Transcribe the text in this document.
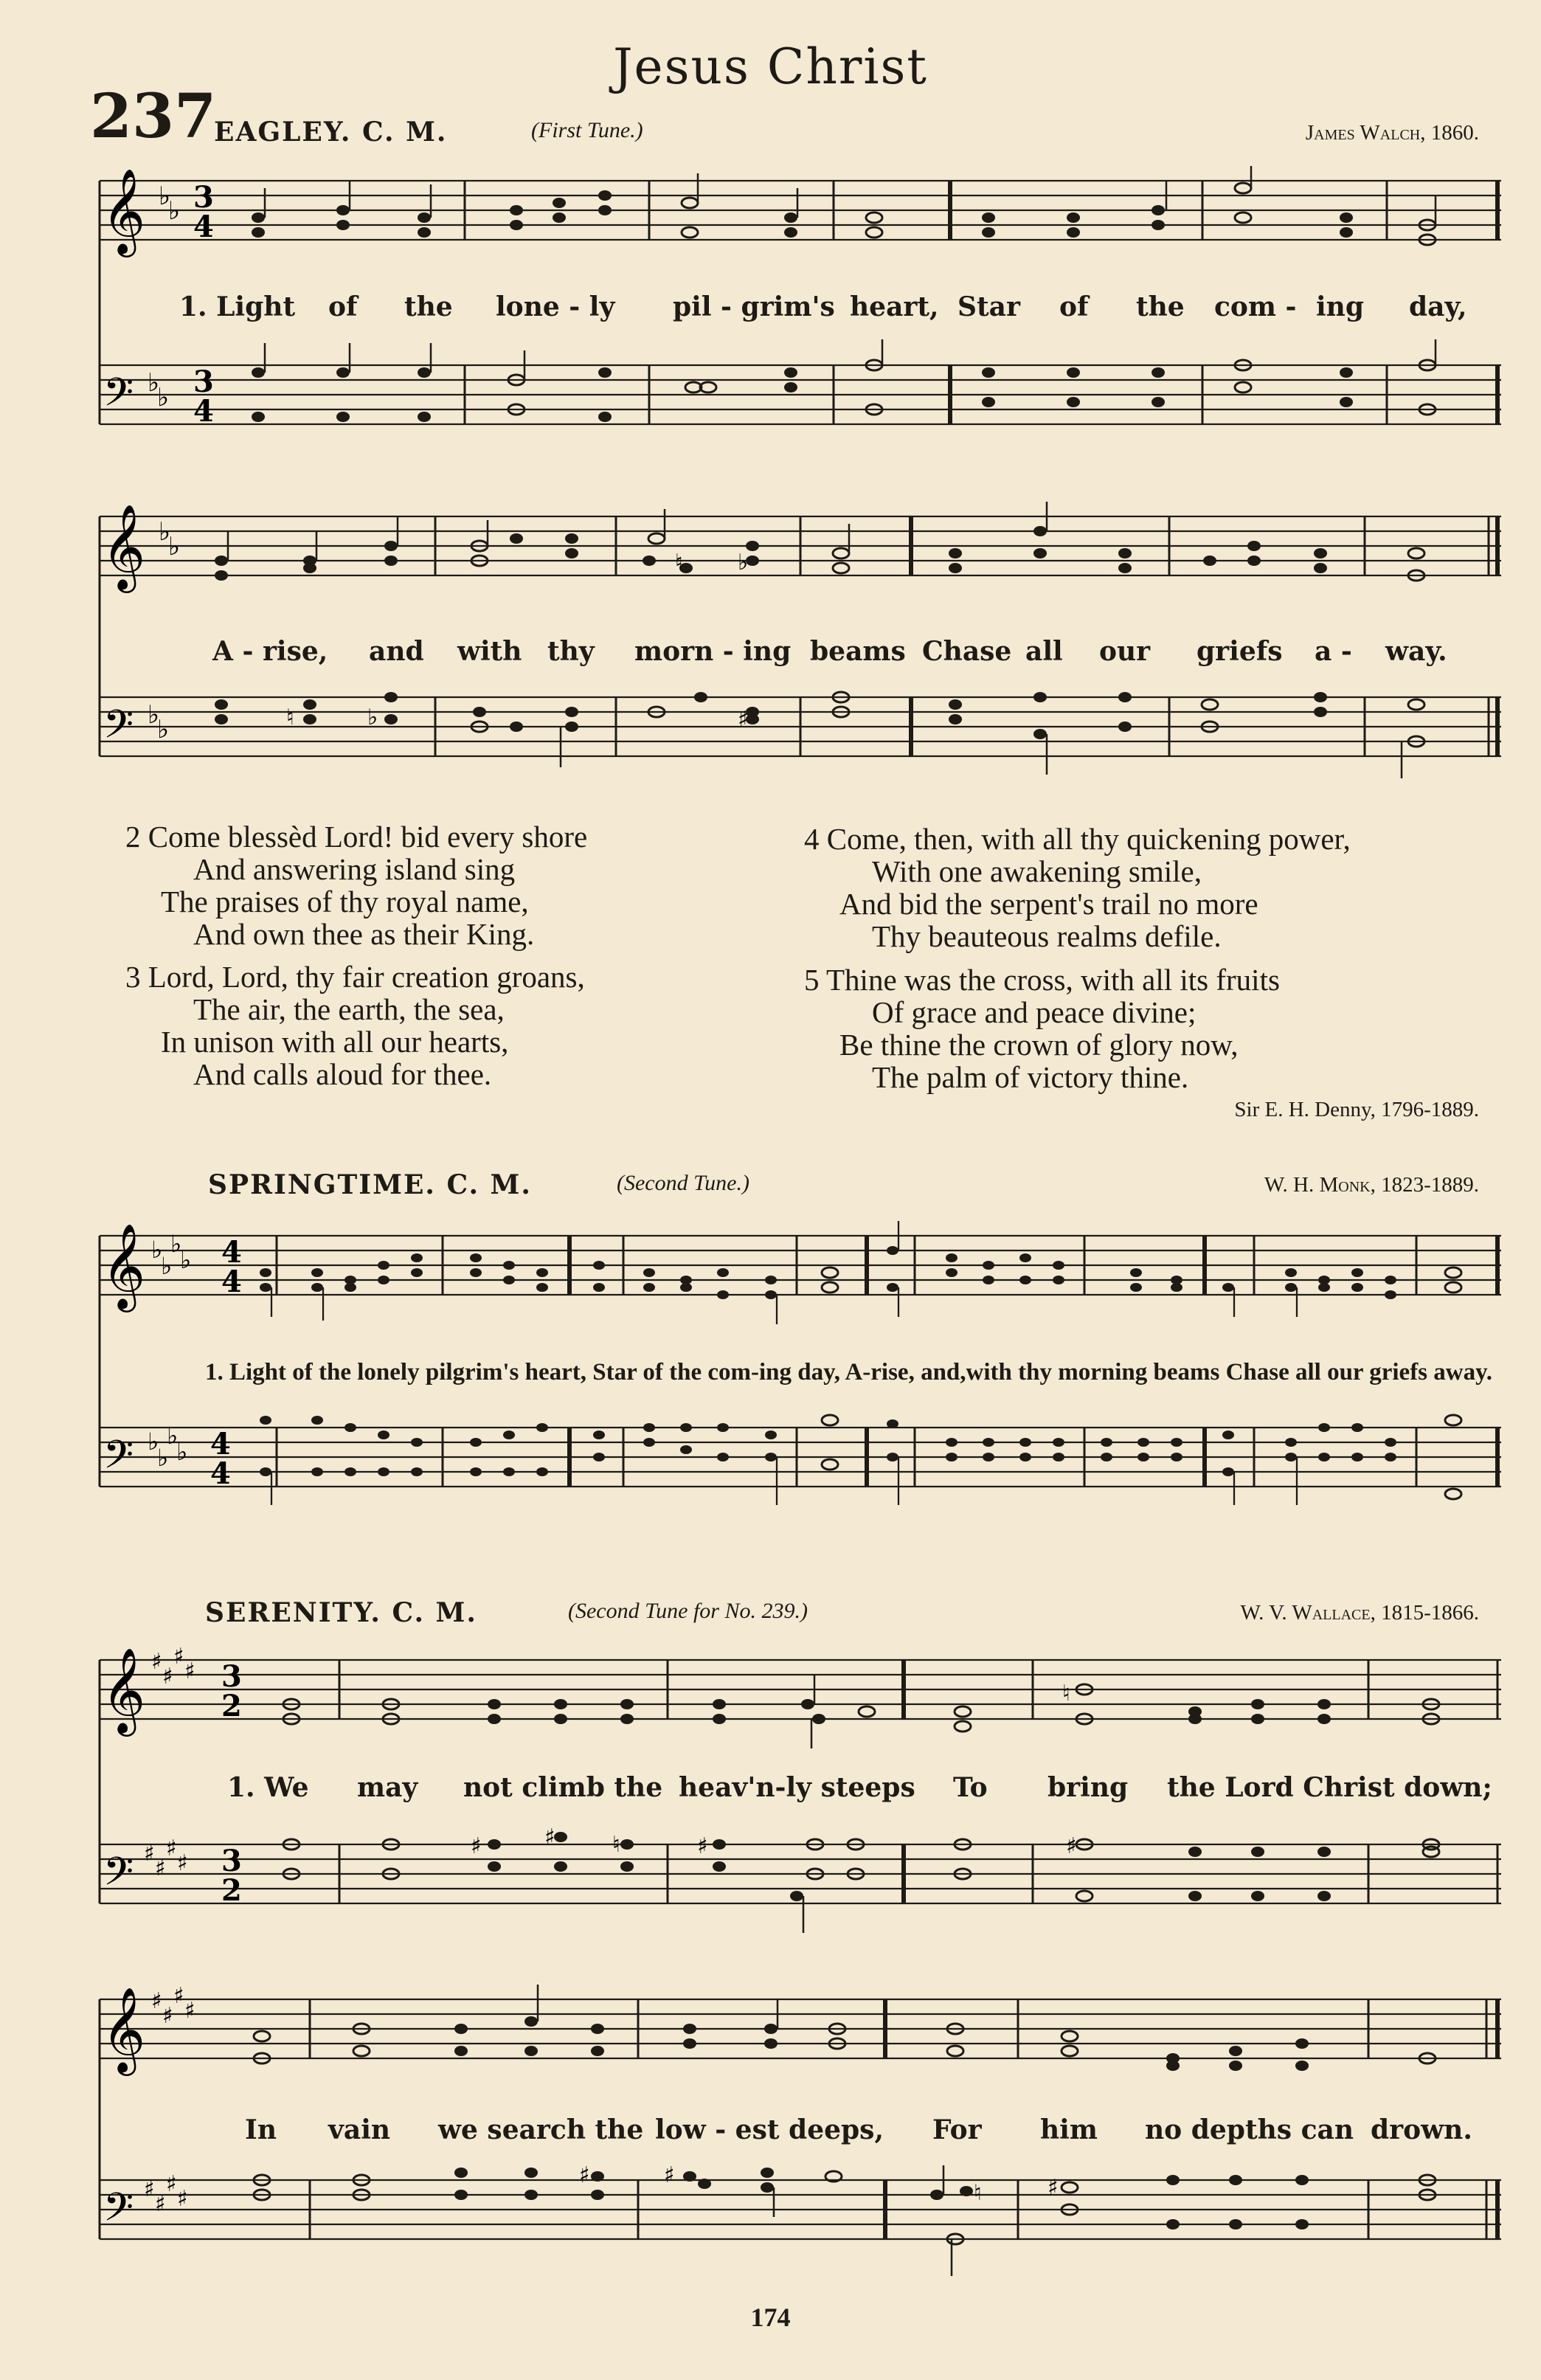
Jesus Christ
237
EAGLEY. C. M.	(First Tune.)	James Walch, 1860.
𝄞
𝄢
♭
♭
♭
♭
3
4
3
4
1. Light of the lone - ly pil - grim's heart, Star of the com - ing day,
𝄞
𝄢
♭
♭
♭
♭	♮	♭
♮ ♭
♯
A - rise, and with thy morn - ing beams Chase all our griefs a - way.
2 Come blessèd Lord! bid every shore
And answering island sing
The praises of thy royal name,
And own thee as their King.
3 Lord, Lord, thy fair creation groans,
The air, the earth, the sea,
In unison with all our hearts,
And calls aloud for thee.
4 Come, then, with all thy quickening power,
With one awakening smile,
And bid the serpent's trail no more
Thy beauteous realms defile.
5 Thine was the cross, with all its fruits
Of grace and peace divine;
Be thine the crown of glory now,
The palm of victory thine.
Sir E. H. Denny, 1796-1889.
SPRINGTIME. C. M.	(Second Tune.)	W. H. Monk, 1823-1889.
𝄞
𝄢
♭
♭
♭
♭
♭
♭
♭
♭
4
4
4
4
1. Light of the lonely pilgrim's heart, Star of the com-ing day, A-rise, and,with thy morning beams Chase all our griefs away.
SERENITY. C. M.	(Second Tune for No. 239.)	W. V. Wallace, 1815-1866.
𝄞
𝄢
♯
♯
♯
♯
♯
♯
♯
♯
3
2
3
2
♯	♯	♮	♯	♯
♮
1. We may not climb the heav'n-ly steeps To bring the Lord Christ down;
𝄞
𝄢
♯
♯
♯
♯
♯
♯
♯
♯
♯	♯
♮	♯
In vain we search the low - est deeps, For him no depths can drown.
174
